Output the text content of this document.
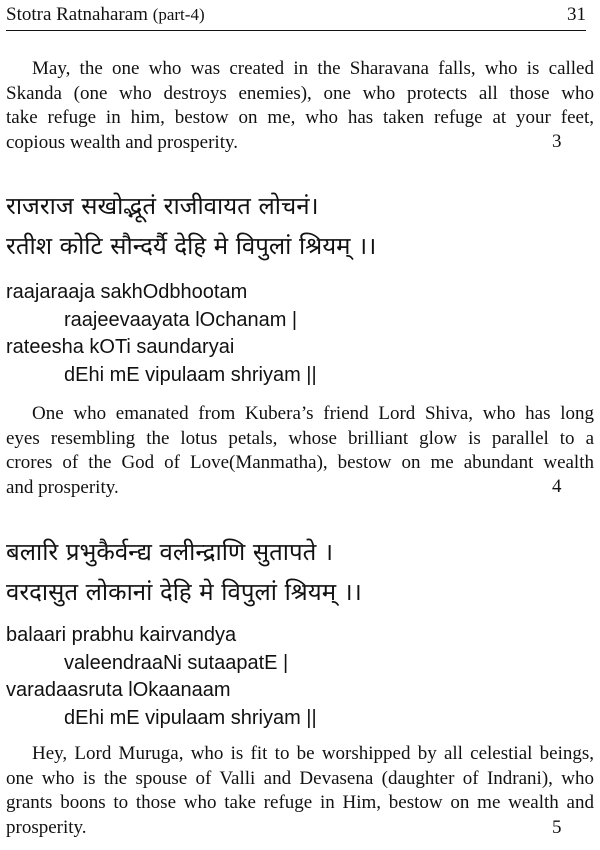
Stotra Ratnaharam (part-4)	31
May, the one who was created in the Sharavana falls, who is called
Skanda (one who destroys enemies), one who protects all those who
take refuge in him, bestow on me, who has taken refuge at your feet,
copious wealth and prosperity.	3
राजराज सखोद्भूतं राजीवायत लोचनं।
रतीश कोटि सौन्दर्यै देहि मे विपुलां श्रियम् ।।
raajaraaja sakhOdbhootam
raajeevaayata lOchanam |
rateesha kOTi saundaryai
dEhi mE vipulaam shriyam ||
One who emanated from Kubera’s friend Lord Shiva, who has long
eyes resembling the lotus petals, whose brilliant glow is parallel to a
crores of the God of Love(Manmatha), bestow on me abundant wealth
and prosperity.	4
बलारि प्रभुकैर्वन्द्य वलीन्द्राणि सुतापते ।
वरदासुत लोकानां देहि मे विपुलां श्रियम् ।।
balaari prabhu kairvandya
valeendraaNi sutaapatE |
varadaasruta lOkaanaam
dEhi mE vipulaam shriyam ||
Hey, Lord Muruga, who is fit to be worshipped by all celestial beings,
one who is the spouse of Valli and Devasena (daughter of Indrani), who
grants boons to those who take refuge in Him, bestow on me wealth and
prosperity.	5
